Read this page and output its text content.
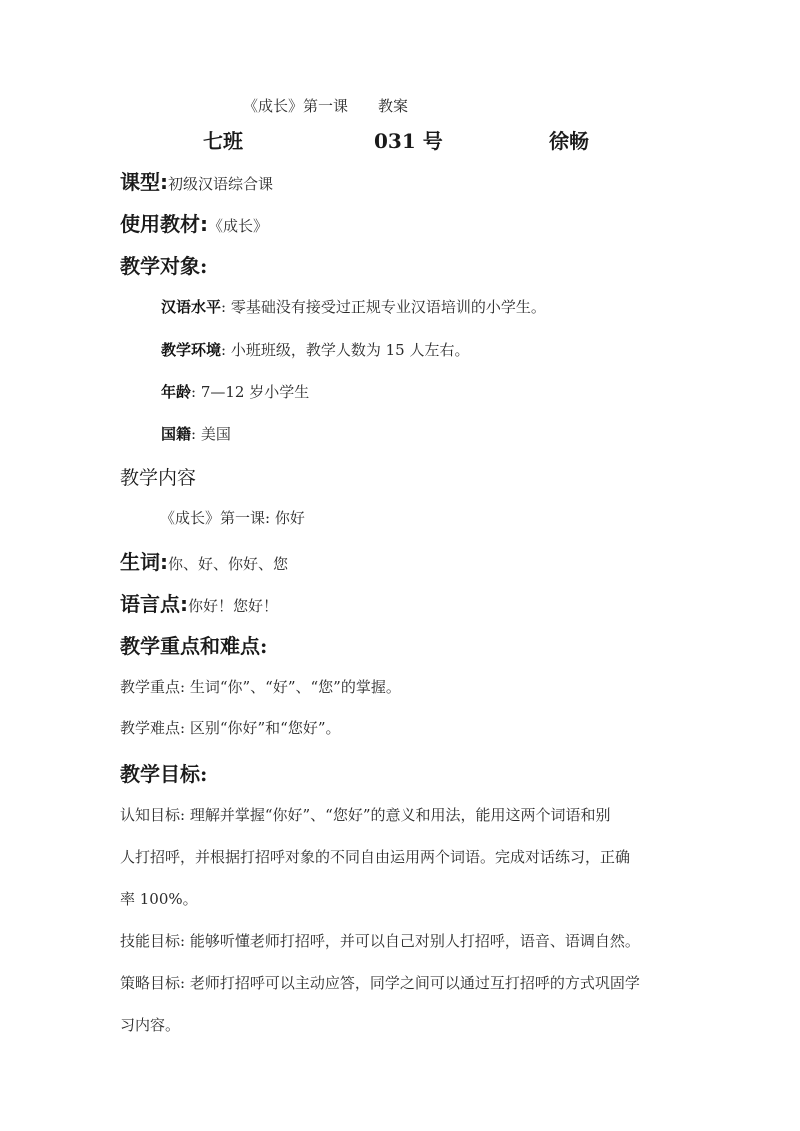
《成长》第一课　　教案
七班	031 号	徐畅
课型:初级汉语综合课
使用教材:《成长》
教学对象:
汉语水平: 零基础没有接受过正规专业汉语培训的小学生。
教学环境: 小班班级，教学人数为 15 人左右。
年龄: 7—12 岁小学生
国籍: 美国
教学内容
《成长》第一课: 你好
生词:你、好、你好、您
语言点:你好！您好！
教学重点和难点:
教学重点: 生词“你”、“好”、“您”的掌握。
教学难点: 区别“你好”和“您好”。
教学目标:
认知目标: 理解并掌握“你好”、“您好”的意义和用法，能用这两个词语和别
人打招呼，并根据打招呼对象的不同自由运用两个词语。完成对话练习，正确
率 100%。
技能目标: 能够听懂老师打招呼，并可以自己对别人打招呼，语音、语调自然。
策略目标: 老师打招呼可以主动应答，同学之间可以通过互打招呼的方式巩固学
习内容。
